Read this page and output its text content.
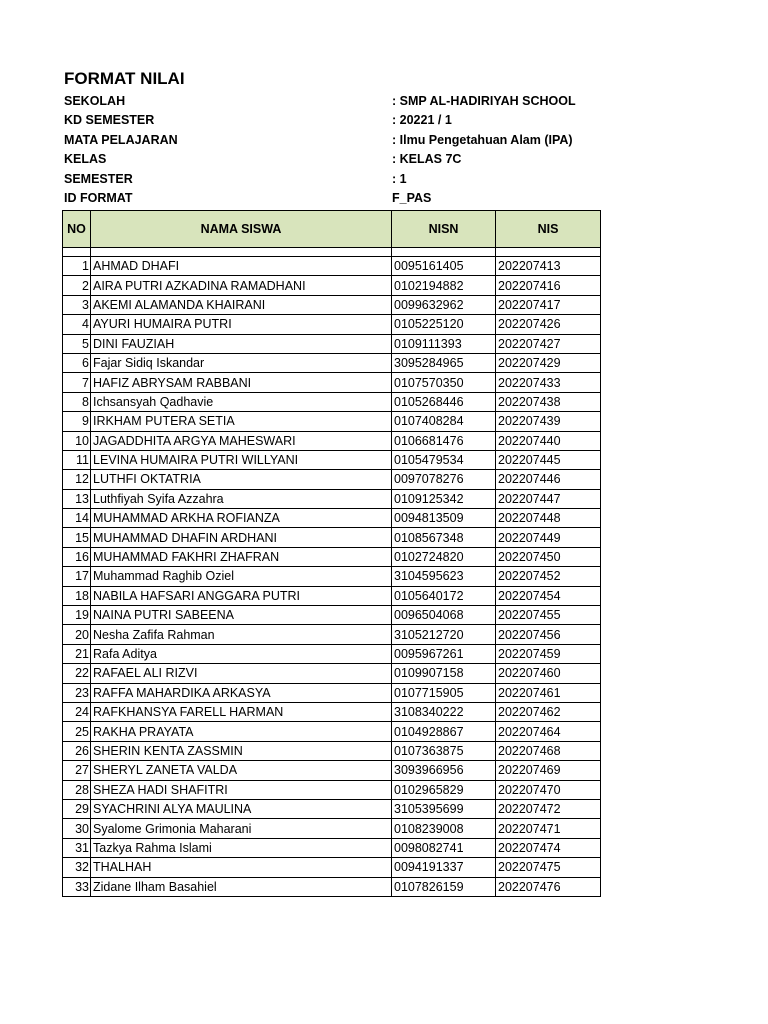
FORMAT NILAI
SEKOLAH	: SMP AL-HADIRIYAH SCHOOL
KD SEMESTER	: 20221 / 1
MATA PELAJARAN	: Ilmu Pengetahuan Alam (IPA)
KELAS	: KELAS 7C
SEMESTER	: 1
ID FORMAT	F_PAS
NO	NAMA SISWA	NISN	NIS

1	AHMAD DHAFI	0095161405	202207413
2	AIRA PUTRI AZKADINA RAMADHANI	0102194882	202207416
3	AKEMI ALAMANDA KHAIRANI	0099632962	202207417
4	AYURI HUMAIRA PUTRI	0105225120	202207426
5	DINI FAUZIAH	0109111393	202207427
6	Fajar Sidiq Iskandar	3095284965	202207429
7	HAFIZ ABRYSAM RABBANI	0107570350	202207433
8	Ichsansyah Qadhavie	0105268446	202207438
9	IRKHAM PUTERA SETIA	0107408284	202207439
10	JAGADDHITA ARGYA MAHESWARI	0106681476	202207440
11	LEVINA HUMAIRA PUTRI WILLYANI	0105479534	202207445
12	LUTHFI OKTATRIA	0097078276	202207446
13	Luthfiyah Syifa Azzahra	0109125342	202207447
14	MUHAMMAD ARKHA ROFIANZA	0094813509	202207448
15	MUHAMMAD DHAFIN ARDHANI	0108567348	202207449
16	MUHAMMAD FAKHRI ZHAFRAN	0102724820	202207450
17	Muhammad Raghib Oziel	3104595623	202207452
18	NABILA HAFSARI ANGGARA PUTRI	0105640172	202207454
19	NAINA PUTRI SABEENA	0096504068	202207455
20	Nesha Zafifa Rahman	3105212720	202207456
21	Rafa Aditya	0095967261	202207459
22	RAFAEL ALI RIZVI	0109907158	202207460
23	RAFFA MAHARDIKA ARKASYA	0107715905	202207461
24	RAFKHANSYA FARELL HARMAN	3108340222	202207462
25	RAKHA PRAYATA	0104928867	202207464
26	SHERIN KENTA ZASSMIN	0107363875	202207468
27	SHERYL ZANETA VALDA	3093966956	202207469
28	SHEZA HADI SHAFITRI	0102965829	202207470
29	SYACHRINI ALYA MAULINA	3105395699	202207472
30	Syalome Grimonia Maharani	0108239008	202207471
31	Tazkya Rahma Islami	0098082741	202207474
32	THALHAH	0094191337	202207475
33	Zidane Ilham Basahiel	0107826159	202207476
